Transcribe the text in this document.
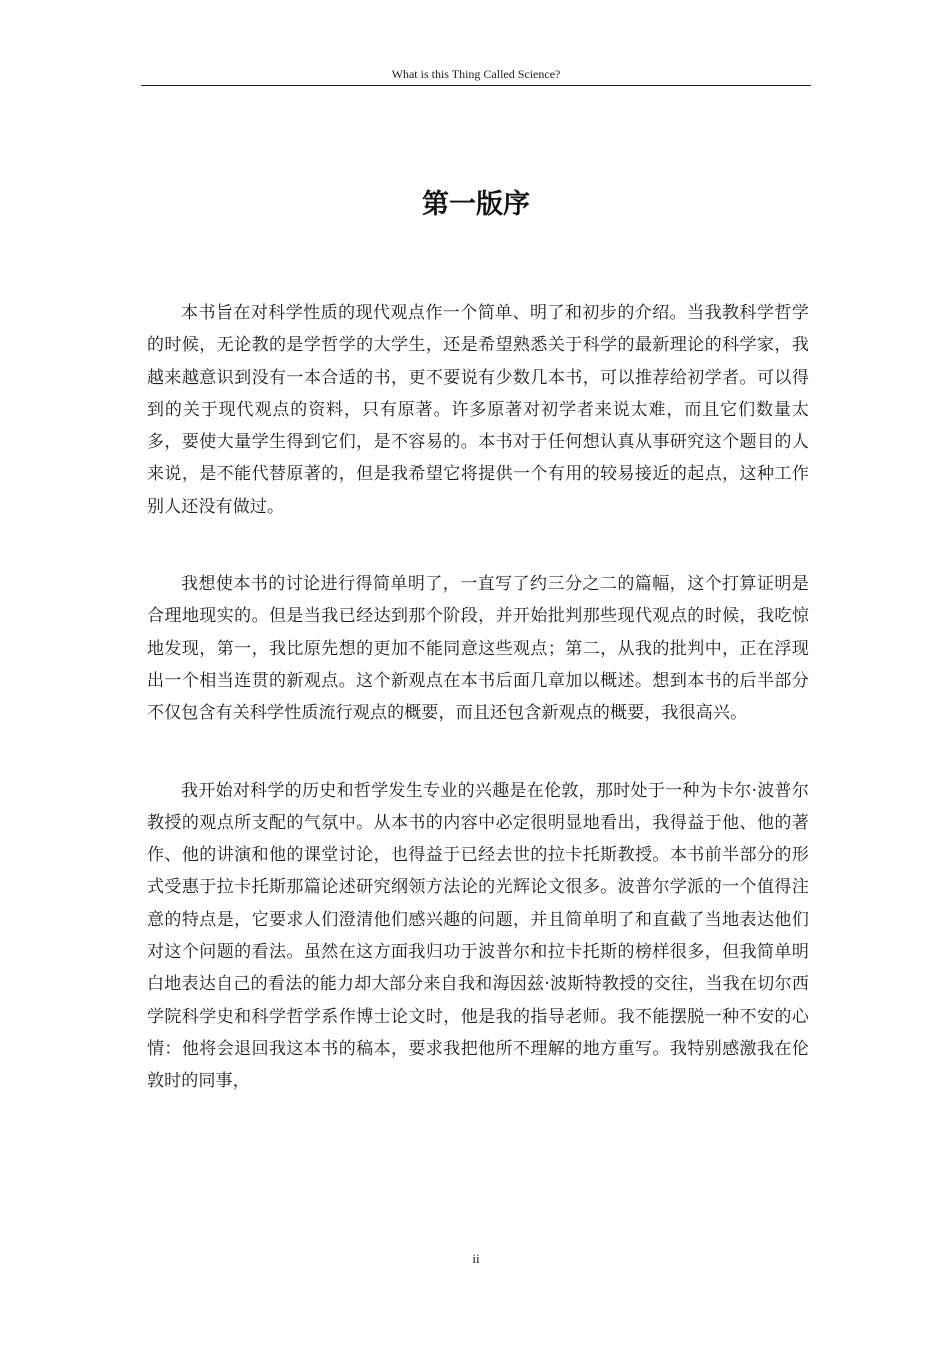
What is this Thing Called Science?
第一版序

本书旨在对科学性质的现代观点作一个简单、明了和初步的介绍。当我教科学哲学的时候，无论教的是学哲学的大学生，还是希望熟悉关于科学的最新理论的科学家，我越来越意识到没有一本合适的书，更不要说有少数几本书，可以推荐给初学者。可以得到的关于现代观点的资料，只有原著。许多原著对初学者来说太难，而且它们数量太多，要使大量学生得到它们，是不容易的。本书对于任何想认真从事研究这个题目的人来说，是不能代替原著的，但是我希望它将提供一个有用的较易接近的起点，这种工作别人还没有做过。

我想使本书的讨论进行得简单明了，一直写了约三分之二的篇幅，这个打算证明是合理地现实的。但是当我已经达到那个阶段，并开始批判那些现代观点的时候，我吃惊地发现，第一，我比原先想的更加不能同意这些观点；第二，从我的批判中，正在浮现出一个相当连贯的新观点。这个新观点在本书后面几章加以概述。想到本书的后半部分不仅包含有关科学性质流行观点的概要，而且还包含新观点的概要，我很高兴。

我开始对科学的历史和哲学发生专业的兴趣是在伦敦，那时处于一种为卡尔·波普尔教授的观点所支配的气氛中。从本书的内容中必定很明显地看出，我得益于他、他的著作、他的讲演和他的课堂讨论，也得益于已经去世的拉卡托斯教授。本书前半部分的形式受惠于拉卡托斯那篇论述研究纲领方法论的光辉论文很多。波普尔学派的一个值得注意的特点是，它要求人们澄清他们感兴趣的问题，并且简单明了和直截了当地表达他们对这个问题的看法。虽然在这方面我归功于波普尔和拉卡托斯的榜样很多，但我简单明白地表达自己的看法的能力却大部分来自我和海因兹·波斯特教授的交往，当我在切尔西学院科学史和科学哲学系作博士论文时，他是我的指导老师。我不能摆脱一种不安的心情：他将会退回我这本书的稿本，要求我把他所不理解的地方重写。我特别感激我在伦敦时的同事，

ii
